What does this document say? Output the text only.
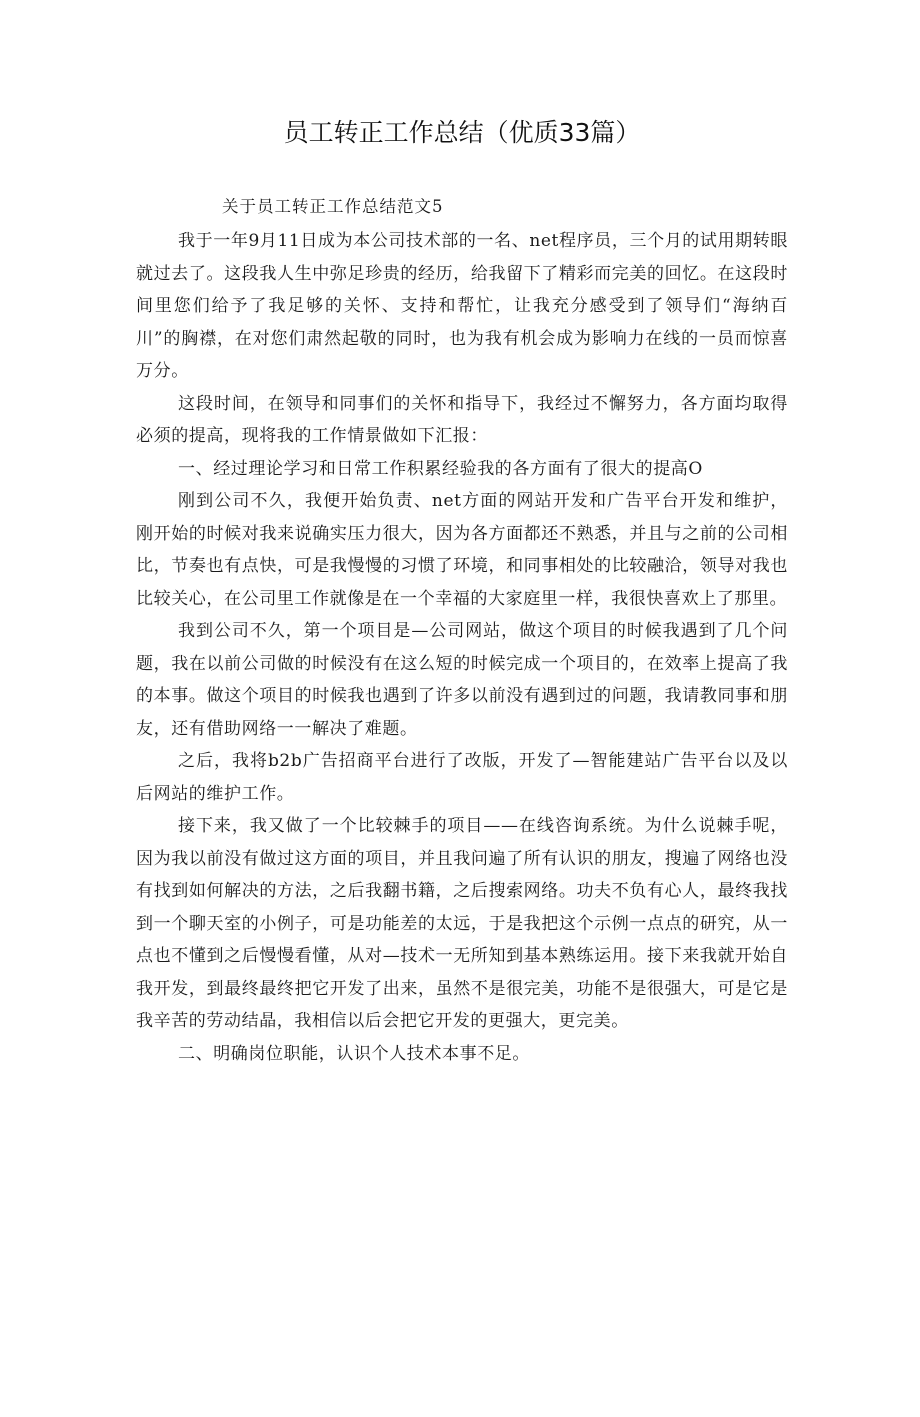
员工转正工作总结（优质33篇）
关于员工转正工作总结范文5

我于一年9月11日成为本公司技术部的一名、net程序员，三个月的试用期转眼就过去了。这段我人生中弥足珍贵的经历，给我留下了精彩而完美的回忆。在这段时间里您们给予了我足够的关怀、支持和帮忙，让我充分感受到了领导们“海纳百川”的胸襟，在对您们肃然起敬的同时，也为我有机会成为影响力在线的一员而惊喜万分。

这段时间，在领导和同事们的关怀和指导下，我经过不懈努力，各方面均取得必须的提高，现将我的工作情景做如下汇报：

一、经过理论学习和日常工作积累经验我的各方面有了很大的提高O

刚到公司不久，我便开始负责、net方面的网站开发和广告平台开发和维护，刚开始的时候对我来说确实压力很大，因为各方面都还不熟悉，并且与之前的公司相比，节奏也有点快，可是我慢慢的习惯了环境，和同事相处的比较融洽，领导对我也比较关心，在公司里工作就像是在一个幸福的大家庭里一样，我很快喜欢上了那里。

我到公司不久，第一个项目是—公司网站，做这个项目的时候我遇到了几个问题，我在以前公司做的时候没有在这么短的时候完成一个项目的，在效率上提高了我的本事。做这个项目的时候我也遇到了许多以前没有遇到过的问题，我请教同事和朋友，还有借助网络一一解决了难题。

之后，我将b2b广告招商平台进行了改版，开发了—智能建站广告平台以及以后网站的维护工作。

接下来，我又做了一个比较棘手的项目——在线咨询系统。为什么说棘手呢，因为我以前没有做过这方面的项目，并且我问遍了所有认识的朋友，搜遍了网络也没有找到如何解决的方法，之后我翻书籍，之后搜索网络。功夫不负有心人，最终我找到一个聊天室的小例子，可是功能差的太远，于是我把这个示例一点点的研究，从一点也不懂到之后慢慢看懂，从对—技术一无所知到基本熟练运用。接下来我就开始自我开发，到最终最终把它开发了出来，虽然不是很完美，功能不是很强大，可是它是我辛苦的劳动结晶，我相信以后会把它开发的更强大，更完美。

二、明确岗位职能，认识个人技术本事不足。
